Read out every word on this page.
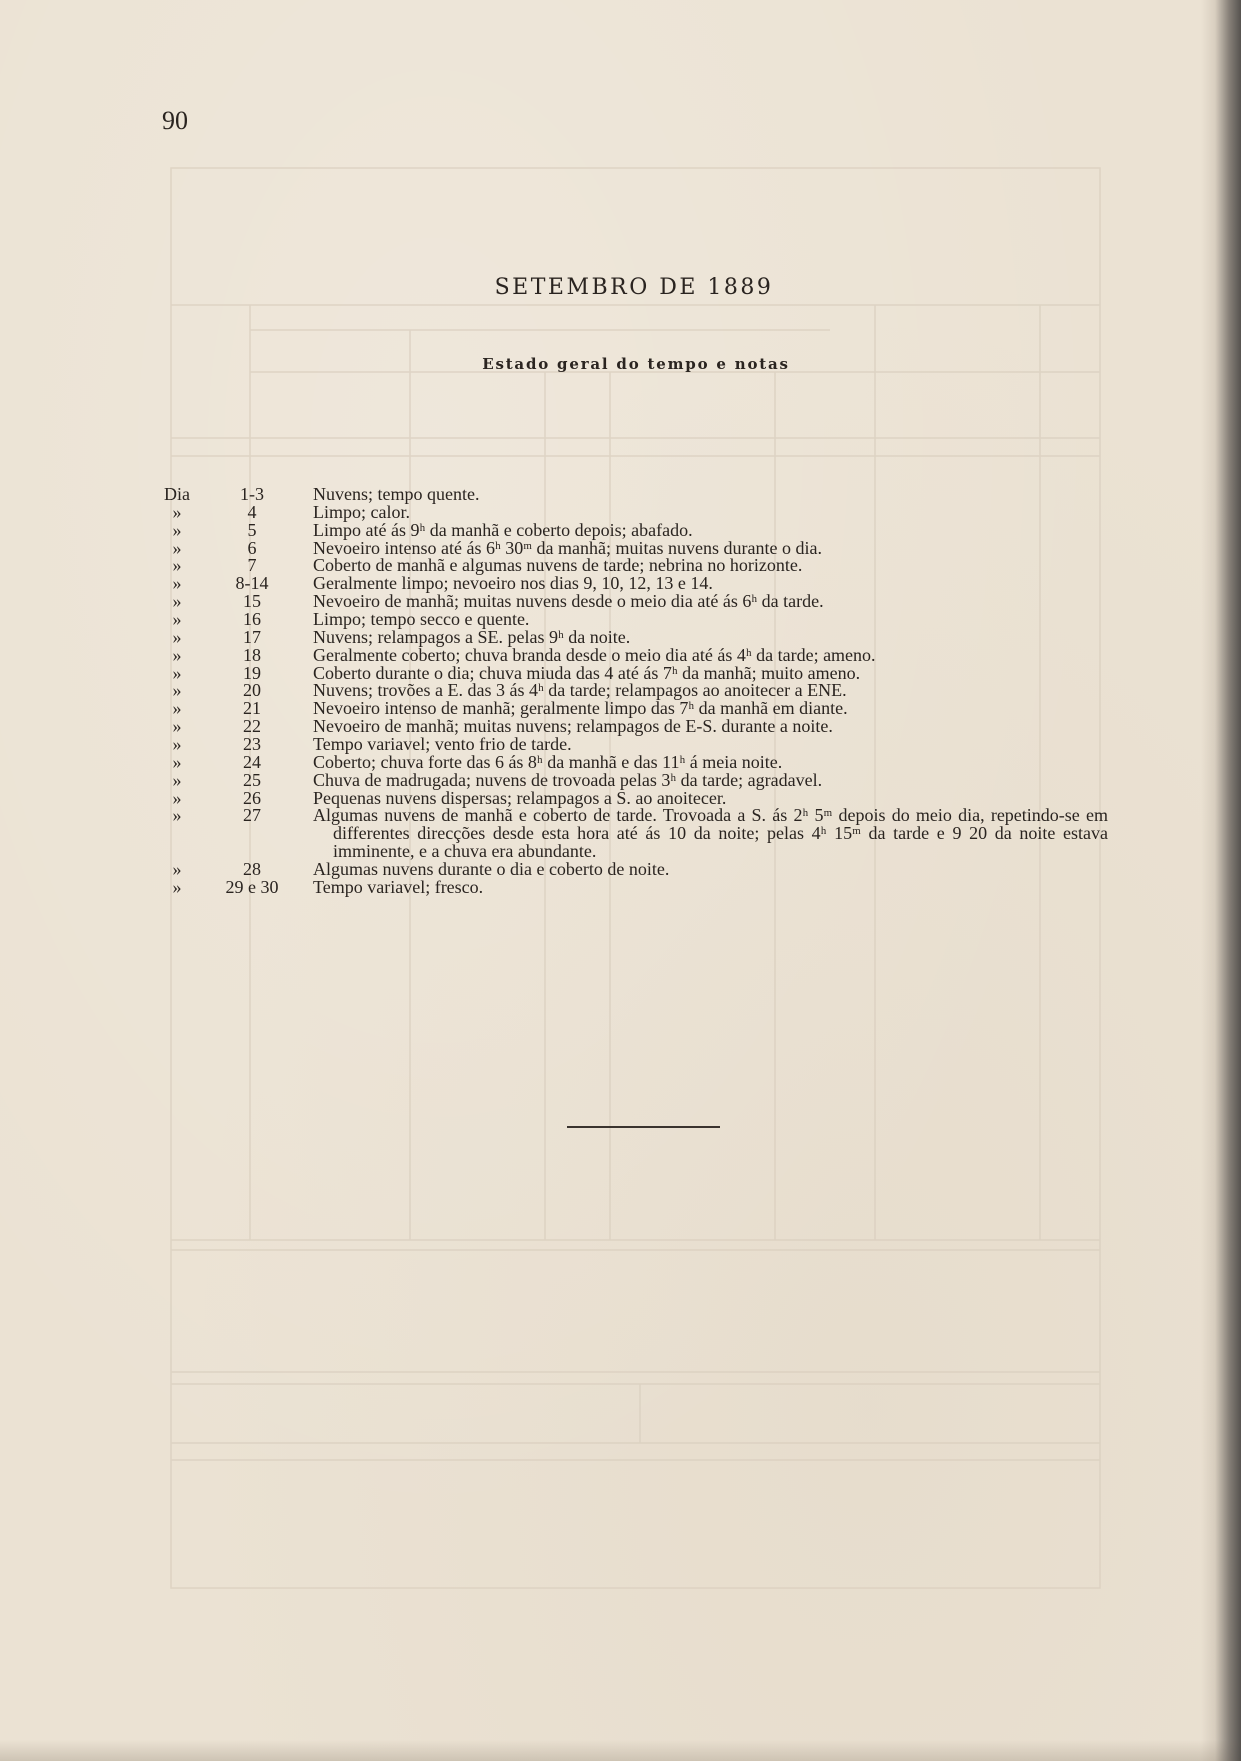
90
SETEMBRO DE 1889
Estado geral do tempo e notas
Dia	1-3	Nuvens; tempo quente.
»	4	Limpo; calor.
»	5	Limpo até ás 9ʰ da manhã e coberto depois; abafado.
»	6	Nevoeiro intenso até ás 6ʰ 30ᵐ da manhã; muitas nuvens durante o dia.
»	7	Coberto de manhã e algumas nuvens de tarde; nebrina no horizonte.
»	8-14	Geralmente limpo; nevoeiro nos dias 9, 10, 12, 13 e 14.
»	15	Nevoeiro de manhã; muitas nuvens desde o meio dia até ás 6ʰ da tarde.
»	16	Limpo; tempo secco e quente.
»	17	Nuvens; relampagos a SE. pelas 9ʰ da noite.
»	18	Geralmente coberto; chuva branda desde o meio dia até ás 4ʰ da tarde; ameno.
»	19	Coberto durante o dia; chuva miuda das 4 até ás 7ʰ da manhã; muito ameno.
»	20	Nuvens; trovões a E. das 3 ás 4ʰ da tarde; relampagos ao anoitecer a ENE.
»	21	Nevoeiro intenso de manhã; geralmente limpo das 7ʰ da manhã em diante.
»	22	Nevoeiro de manhã; muitas nuvens; relampagos de E-S. durante a noite.
»	23	Tempo variavel; vento frio de tarde.
»	24	Coberto; chuva forte das 6 ás 8ʰ da manhã e das 11ʰ á meia noite.
»	25	Chuva de madrugada; nuvens de trovoada pelas 3ʰ da tarde; agradavel.
»	26	Pequenas nuvens dispersas; relampagos a S. ao anoitecer.
»	27	Algumas nuvens de manhã e coberto de tarde. Trovoada a S. ás 2ʰ 5ᵐ depois do meio dia, repetindo-se em
differentes direcções desde esta hora até ás 10 da noite; pelas 4ʰ 15ᵐ da tarde e 9 20 da noite estava
imminente, e a chuva era abundante.
»	28	Algumas nuvens durante o dia e coberto de noite.
»	29 e 30	Tempo variavel; fresco.
